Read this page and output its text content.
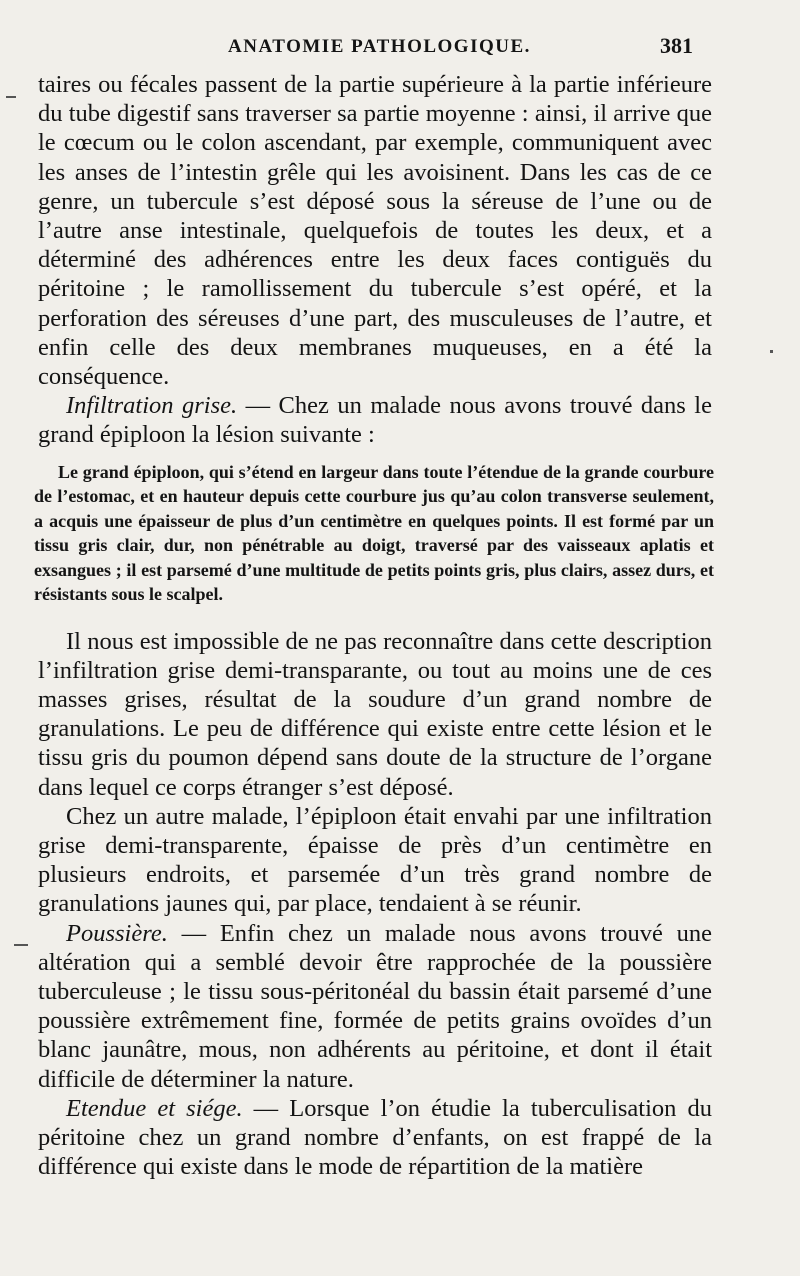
ANATOMIE PATHOLOGIQUE.	381

taires ou fécales passent de la partie supérieure à la partie inférieure du tube digestif sans traverser sa partie moyenne : ainsi, il arrive que le cœcum ou le colon ascendant, par exemple, communiquent avec les anses de l’intestin grêle qui les avoisinent. Dans les cas de ce genre, un tubercule s’est déposé sous la séreuse de l’une ou de l’autre anse intestinale, quelquefois de toutes les deux, et a déterminé des adhérences entre les deux faces contiguës du péritoine ; le ramollissement du tubercule s’est opéré, et la perforation des séreuses d’une part, des musculeuses de l’autre, et enfin celle des deux membranes muqueuses, en a été la conséquence.

Infiltration grise. — Chez un malade nous avons trouvé dans le grand épiploon la lésion suivante :

Le grand épiploon, qui s’étend en largeur dans toute l’étendue de la grande courbure de l’estomac, et en hauteur depuis cette courbure jus qu’au colon transverse seulement, a acquis une épaisseur de plus d’un centimètre en quelques points. Il est formé par un tissu gris clair, dur, non pénétrable au doigt, traversé par des vaisseaux aplatis et exsangues ; il est parsemé d’une multitude de petits points gris, plus clairs, assez durs, et résistants sous le scalpel.

Il nous est impossible de ne pas reconnaître dans cette description l’infiltration grise demi-transparante, ou tout au moins une de ces masses grises, résultat de la soudure d’un grand nombre de granulations. Le peu de différence qui existe entre cette lésion et le tissu gris du poumon dépend sans doute de la structure de l’organe dans lequel ce corps étranger s’est déposé.

Chez un autre malade, l’épiploon était envahi par une infiltration grise demi-transparente, épaisse de près d’un centimètre en plusieurs endroits, et parsemée d’un très grand nombre de granulations jaunes qui, par place, tendaient à se réunir.

Poussière. — Enfin chez un malade nous avons trouvé une altération qui a semblé devoir être rapprochée de la poussière tuberculeuse ; le tissu sous-péritonéal du bassin était parsemé d’une poussière extrêmement fine, formée de petits grains ovoïdes d’un blanc jaunâtre, mous, non adhérents au péritoine, et dont il était difficile de déterminer la nature.

Etendue et siége. — Lorsque l’on étudie la tuberculisation du péritoine chez un grand nombre d’enfants, on est frappé de la différence qui existe dans le mode de répartition de la matière
